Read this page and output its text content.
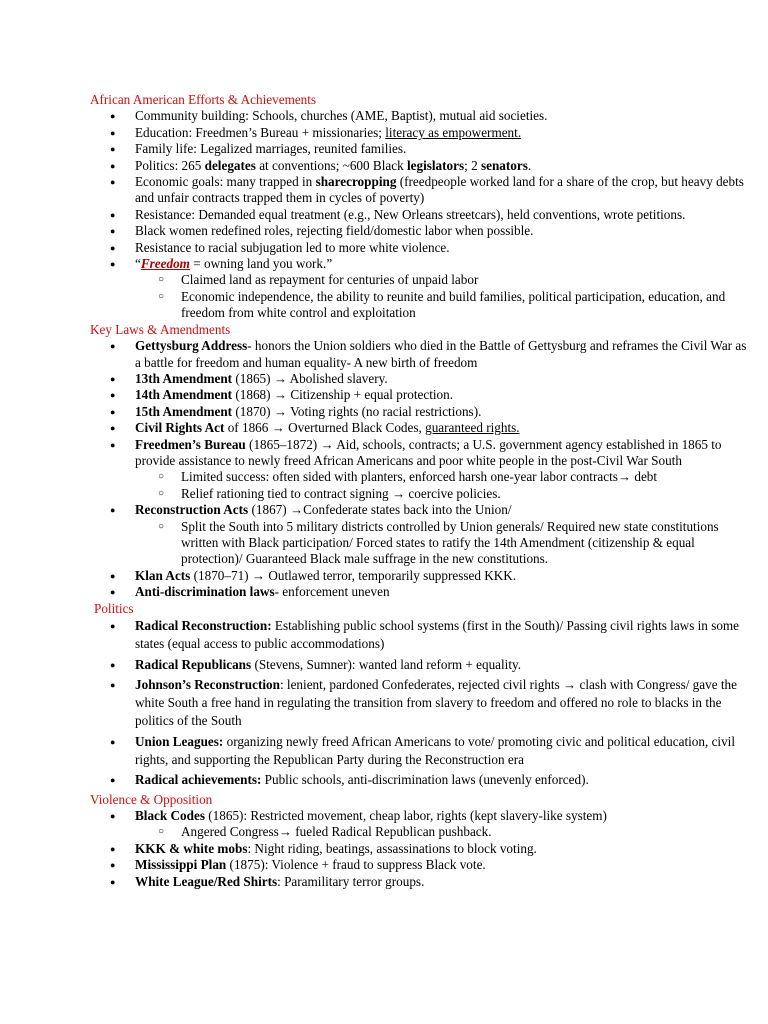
African American Efforts & Achievements
● Community building: Schools, churches (AME, Baptist), mutual aid societies.
● Education: Freedmen’s Bureau + missionaries; literacy as empowerment.
● Family life: Legalized marriages, reunited families.
● Politics: 265 delegates at conventions; ~600 Black legislators; 2 senators.
● Economic goals: many trapped in sharecropping (freedpeople worked land for a share of the crop, but heavy debts and unfair contracts trapped them in cycles of poverty)
● Resistance: Demanded equal treatment (e.g., New Orleans streetcars), held conventions, wrote petitions.
● Black women redefined roles, rejecting field/domestic labor when possible.
● Resistance to racial subjugation led to more white violence.
● “Freedom = owning land you work.”
○ Claimed land as repayment for centuries of unpaid labor
○ Economic independence, the ability to reunite and build families, political participation, education, and freedom from white control and exploitation
Key Laws & Amendments
● Gettysburg Address- honors the Union soldiers who died in the Battle of Gettysburg and reframes the Civil War as a battle for freedom and human equality- A new birth of freedom
● 13th Amendment (1865) → Abolished slavery.
● 14th Amendment (1868) → Citizenship + equal protection.
● 15th Amendment (1870) → Voting rights (no racial restrictions).
● Civil Rights Act of 1866 → Overturned Black Codes, guaranteed rights.
● Freedmen’s Bureau (1865–1872) → Aid, schools, contracts; a U.S. government agency established in 1865 to provide assistance to newly freed African Americans and poor white people in the post-Civil War South
○ Limited success: often sided with planters, enforced harsh one-year labor contracts→ debt
○ Relief rationing tied to contract signing → coercive policies.
● Reconstruction Acts (1867) →Confederate states back into the Union/
○ Split the South into 5 military districts controlled by Union generals/ Required new state constitutions written with Black participation/ Forced states to ratify the 14th Amendment (citizenship & equal protection)/ Guaranteed Black male suffrage in the new constitutions.
● Klan Acts (1870–71) → Outlawed terror, temporarily suppressed KKK.
● Anti-discrimination laws- enforcement uneven
Politics
● Radical Reconstruction: Establishing public school systems (first in the South)/ Passing civil rights laws in some states (equal access to public accommodations)
● Radical Republicans (Stevens, Sumner): wanted land reform + equality.
● Johnson’s Reconstruction: lenient, pardoned Confederates, rejected civil rights → clash with Congress/ gave the white South a free hand in regulating the transition from slavery to freedom and offered no role to blacks in the politics of the South
● Union Leagues: organizing newly freed African Americans to vote/ promoting civic and political education, civil rights, and supporting the Republican Party during the Reconstruction era
● Radical achievements: Public schools, anti-discrimination laws (unevenly enforced).
Violence & Opposition
● Black Codes (1865): Restricted movement, cheap labor, rights (kept slavery-like system)
○ Angered Congress→ fueled Radical Republican pushback.
● KKK & white mobs: Night riding, beatings, assassinations to block voting.
● Mississippi Plan (1875): Violence + fraud to suppress Black vote.
● White League/Red Shirts: Paramilitary terror groups.
